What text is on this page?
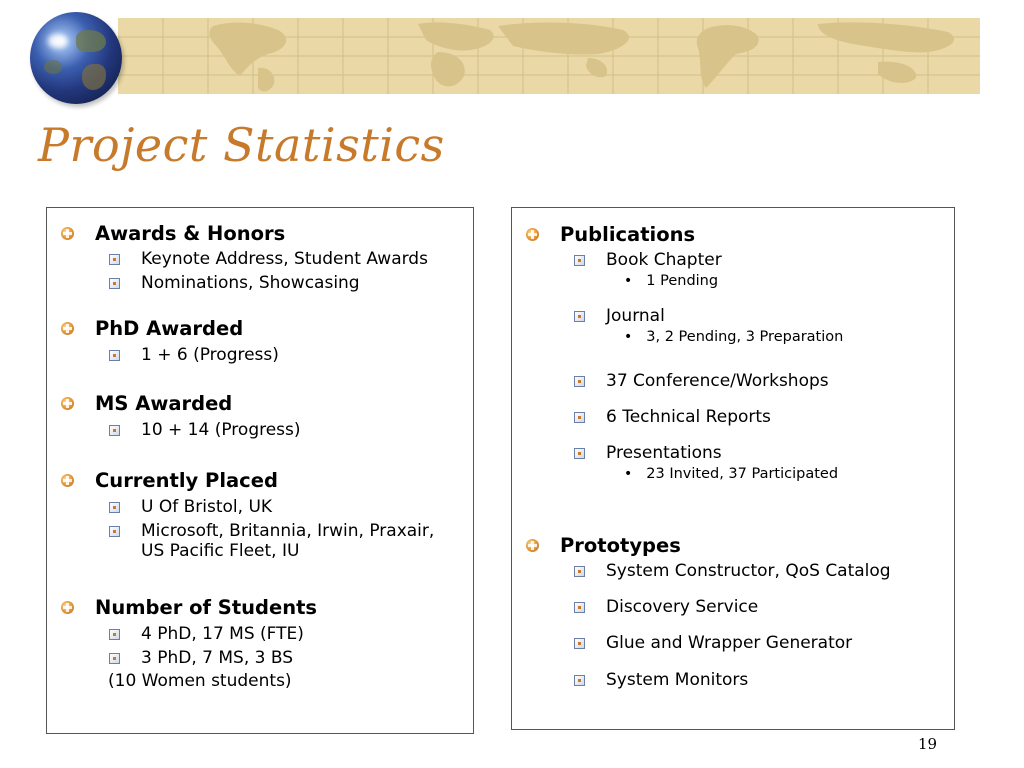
Project Statistics
Awards & Honors
Keynote Address, Student Awards
Nominations, Showcasing
PhD Awarded
1 + 6 (Progress)
MS Awarded
10 + 14 (Progress)
Currently Placed
U Of Bristol, UK
Microsoft, Britannia, Irwin, Praxair,
US Pacific Fleet, IU
Number of Students
4 PhD, 17 MS (FTE)
3 PhD, 7 MS, 3 BS
(10 Women students)
Publications
Book Chapter
• 1 Pending
Journal
• 3, 2 Pending, 3 Preparation
37 Conference/Workshops
6 Technical Reports
Presentations
• 23 Invited, 37 Participated
Prototypes
System Constructor, QoS Catalog
Discovery Service
Glue and Wrapper Generator
System Monitors
19
